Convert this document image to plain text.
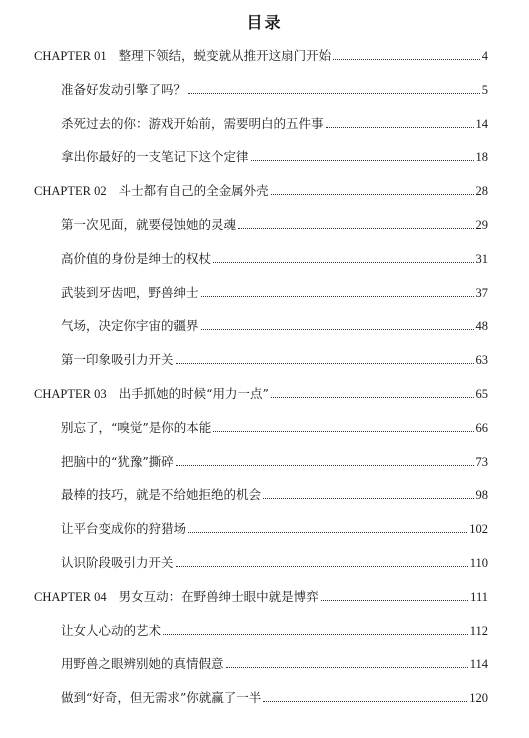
目录
CHAPTER 01 整理下领结，蜕变就从推开这扇门开始	4
准备好发动引擎了吗？	5
杀死过去的你：游戏开始前，需要明白的五件事	14
拿出你最好的一支笔记下这个定律	18
CHAPTER 02 斗士都有自己的全金属外壳	28
第一次见面，就要侵蚀她的灵魂	29
高价值的身份是绅士的权杖	31
武装到牙齿吧，野兽绅士	37
气场，决定你宇宙的疆界	48
第一印象吸引力开关	63
CHAPTER 03 出手抓她的时候“用力一点”	65
别忘了，“嗅觉”是你的本能	66
把脑中的“犹豫”撕碎	73
最棒的技巧，就是不给她拒绝的机会	98
让平台变成你的狩猎场	102
认识阶段吸引力开关	110
CHAPTER 04 男女互动：在野兽绅士眼中就是博弈	111
让女人心动的艺术	112
用野兽之眼辨别她的真情假意	114
做到“好奇，但无需求”你就赢了一半	120
